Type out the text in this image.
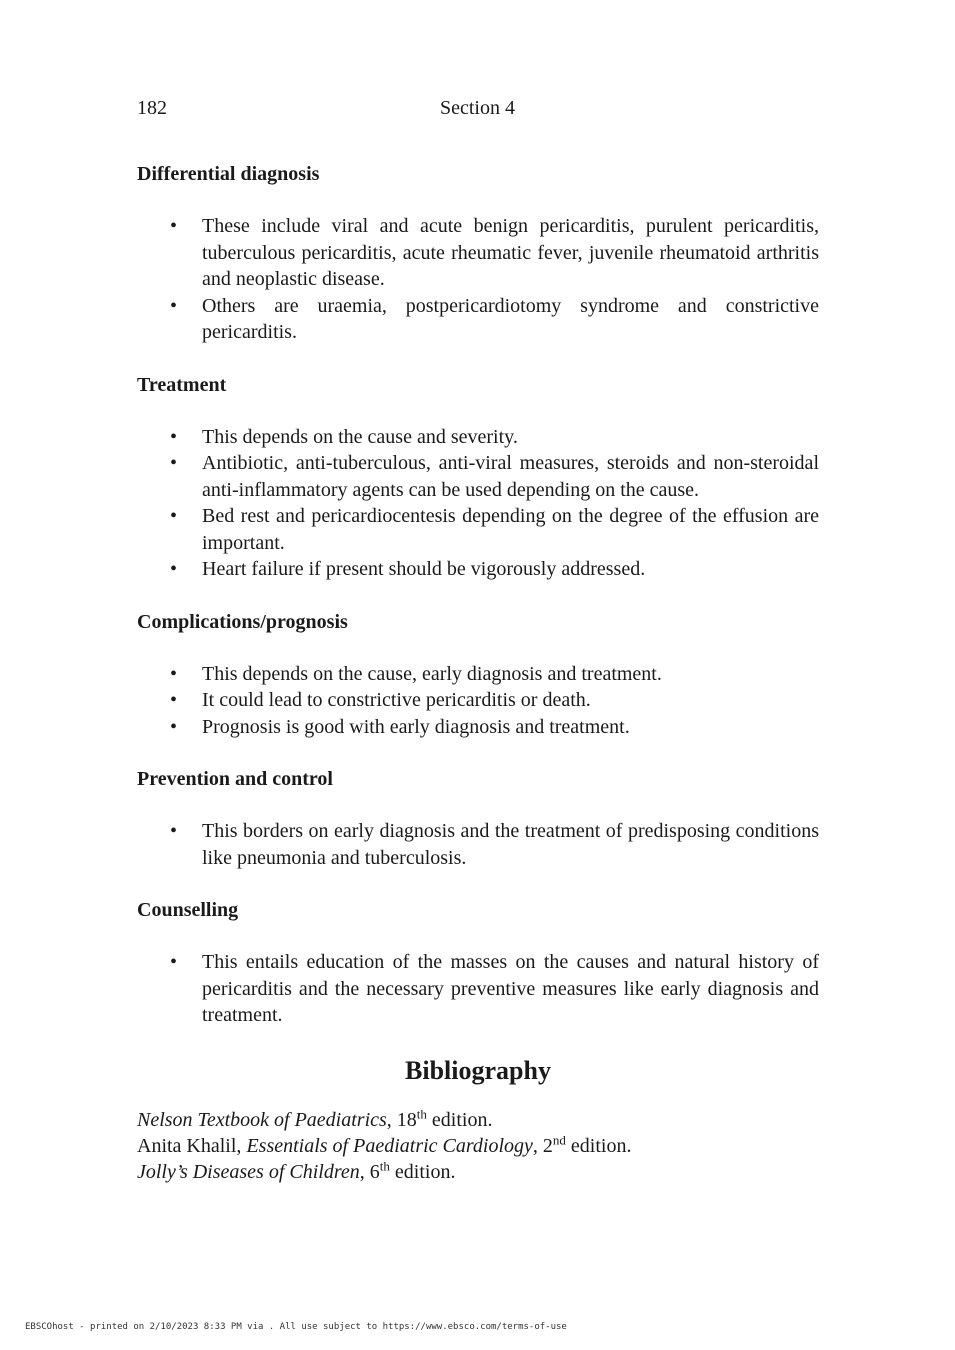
182	Section 4
Differential diagnosis
• These include viral and acute benign pericarditis, purulent pericarditis, tuberculous pericarditis, acute rheumatic fever, juvenile rheumatoid arthritis and neoplastic disease.
• Others are uraemia, postpericardiotomy syndrome and constrictive pericarditis.
Treatment
• This depends on the cause and severity.
• Antibiotic, anti-tuberculous, anti-viral measures, steroids and non-steroidal anti-inflammatory agents can be used depending on the cause.
• Bed rest and pericardiocentesis depending on the degree of the effusion are important.
• Heart failure if present should be vigorously addressed.
Complications/prognosis
• This depends on the cause, early diagnosis and treatment.
• It could lead to constrictive pericarditis or death.
• Prognosis is good with early diagnosis and treatment.
Prevention and control
• This borders on early diagnosis and the treatment of predisposing conditions like pneumonia and tuberculosis.
Counselling
• This entails education of the masses on the causes and natural history of pericarditis and the necessary preventive measures like early diagnosis and treatment.
Bibliography
Nelson Textbook of Paediatrics, 18th edition.
Anita Khalil, Essentials of Paediatric Cardiology, 2nd edition.
Jolly’s Diseases of Children, 6th edition.
EBSCOhost - printed on 2/10/2023 8:33 PM via . All use subject to https://www.ebsco.com/terms-of-use
